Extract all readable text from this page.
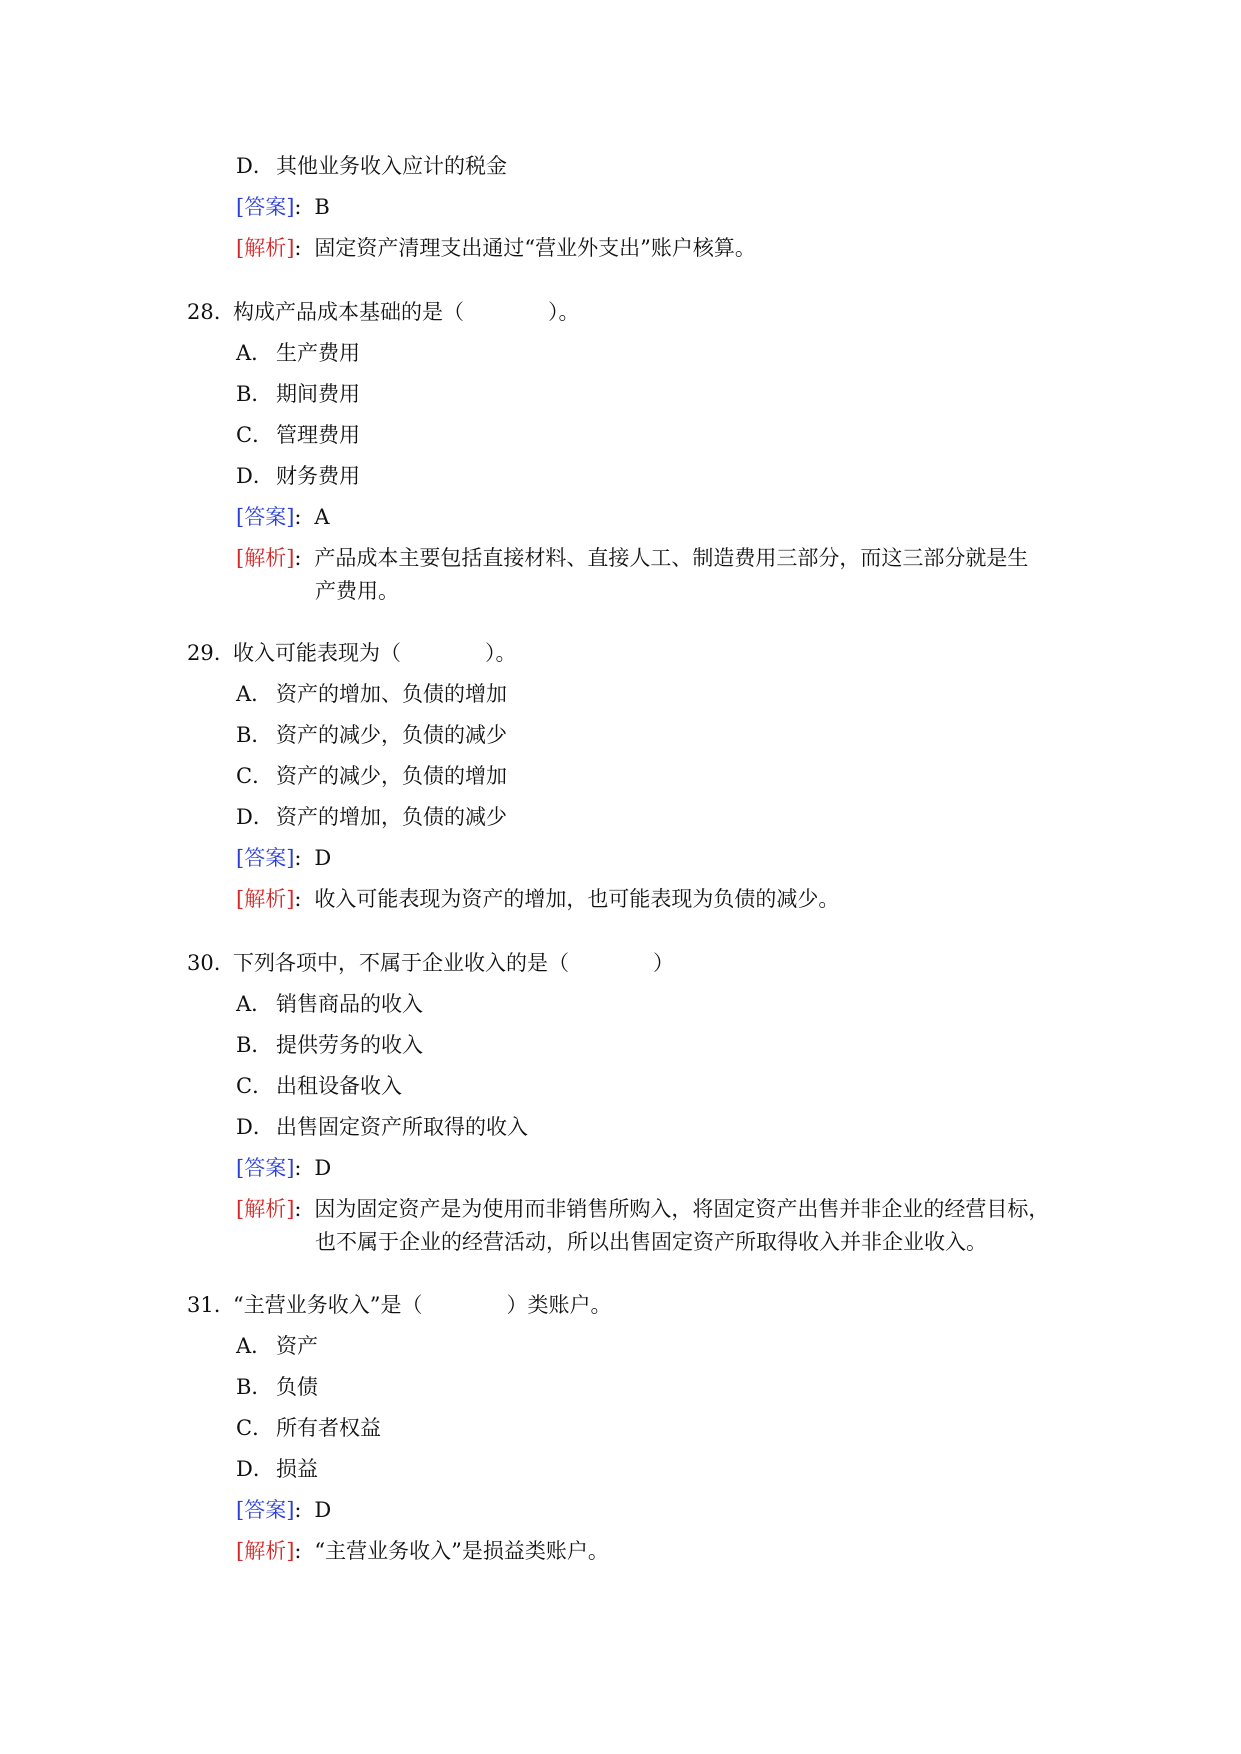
D． 其他业务收入应计的税金
[答案]: B
[解析]: 固定资产清理支出通过“营业外支出”账户核算。
28. 构成产品成本基础的是（　　　　）。
A． 生产费用
B． 期间费用
C． 管理费用
D． 财务费用
[答案]: A
[解析]: 产品成本主要包括直接材料、直接人工、制造费用三部分，而这三部分就是生
产费用。
29. 收入可能表现为（　　　　）。
A． 资产的增加、负债的增加
B． 资产的减少，负债的减少
C． 资产的减少，负债的增加
D． 资产的增加，负债的减少
[答案]: D
[解析]: 收入可能表现为资产的增加，也可能表现为负债的减少。
30. 下列各项中，不属于企业收入的是（　　　　）
A． 销售商品的收入
B． 提供劳务的收入
C． 出租设备收入
D． 出售固定资产所取得的收入
[答案]: D
[解析]: 因为固定资产是为使用而非销售所购入，将固定资产出售并非企业的经营目标，
也不属于企业的经营活动，所以出售固定资产所取得收入并非企业收入。
31. “主营业务收入”是（　　　　）类账户。
A． 资产
B． 负债
C． 所有者权益
D． 损益
[答案]: D
[解析]: “主营业务收入”是损益类账户。
